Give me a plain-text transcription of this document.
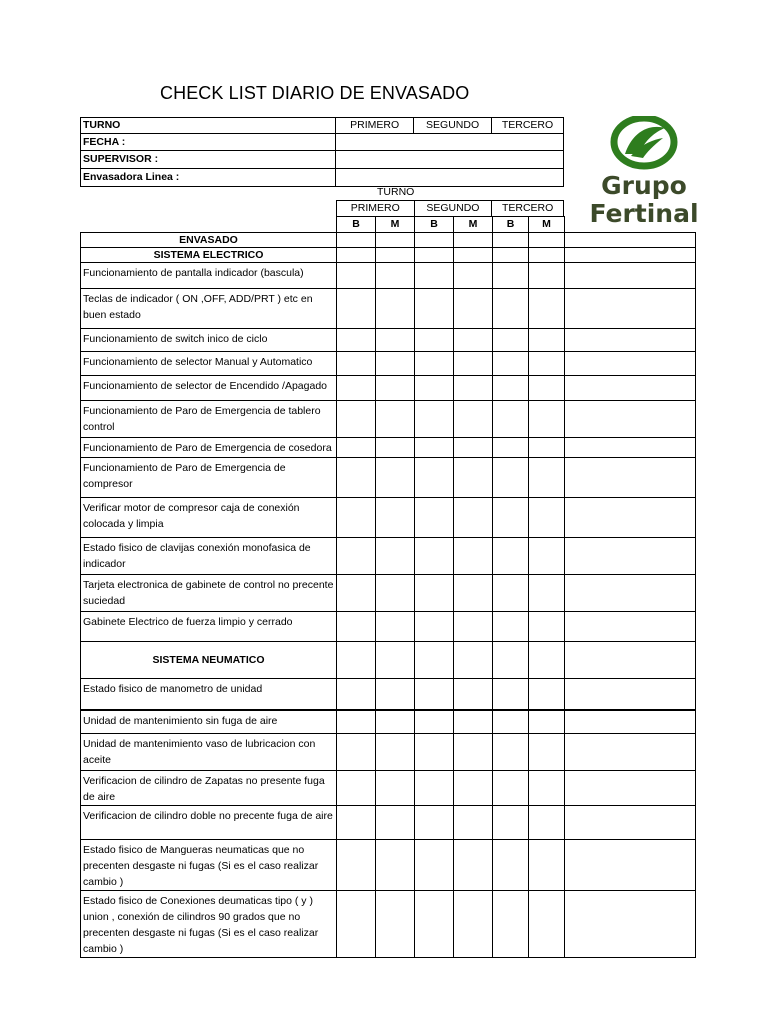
CHECK LIST DIARIO DE ENVASADO
TURNO	PRIMERO	SEGUNDO	TERCERO
FECHA :			
SUPERVISOR :			
Envasadora Linea :			
TURNO
PRIMERO	SEGUNDO	TERCERO
	B	M	B	M	B	M	
ENVASADO							
SISTEMA ELECTRICO							
Funcionamiento de pantalla indicador (bascula)							
Teclas de indicador ( ON ,OFF, ADD/PRT ) etc en buen estado							
Funcionamiento de switch inico de ciclo							
Funcionamiento de selector Manual y Automatico							
Funcionamiento de selector de Encendido /Apagado							
Funcionamiento de Paro de Emergencia de tablero control							
Funcionamiento de Paro de Emergencia de cosedora							
Funcionamiento de Paro de Emergencia de compresor							
Verificar motor de compresor caja de conexión colocada y limpia							
Estado fisico de clavijas conexión monofasica de indicador							
Tarjeta electronica de gabinete de control no precente suciedad							
Gabinete Electrico de fuerza limpio y cerrado							
SISTEMA NEUMATICO							
Estado fisico de manometro de unidad							
Unidad de mantenimiento sin fuga de aire							
Unidad de mantenimiento vaso de lubricacion con aceite							
Verificacion de cilindro de Zapatas no presente fuga de aire							
Verificacion de cilindro doble no precente fuga de aire							
Estado fisico de Mangueras neumaticas que no precenten desgaste ni fugas (Si es el caso realizar cambio )							
Estado fisico de Conexiones deumaticas tipo ( y ) union , conexión de cilindros 90 grados que no precenten desgaste ni fugas (Si es el caso realizar cambio )							
Grupo
Fertinal
